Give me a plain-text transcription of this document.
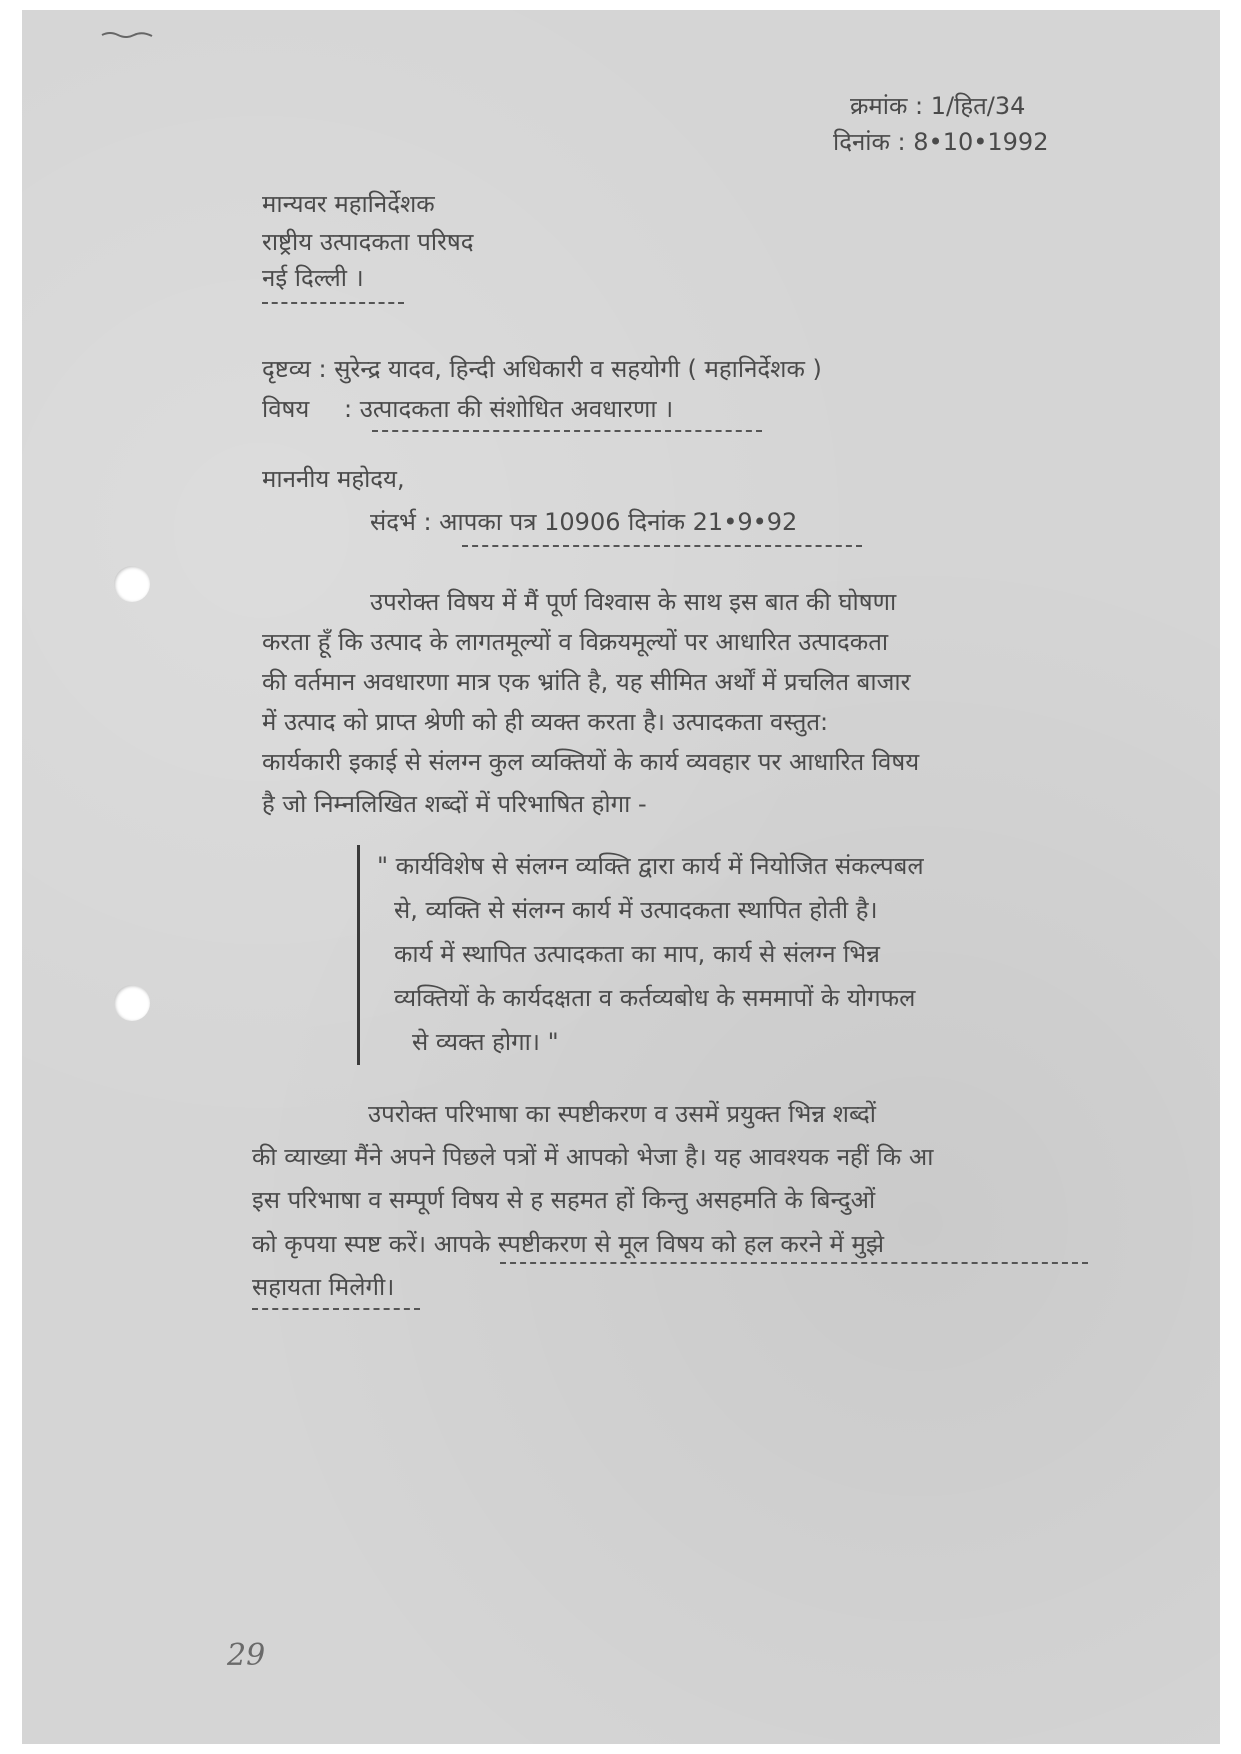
क्रमांक : 1/हित/34
दिनांक : 8•10•1992
मान्यवर महानिर्देशक
राष्ट्रीय उत्पादकता परिषद
नई दिल्ली ।
दृष्टव्य : सुरेन्द्र यादव, हिन्दी अधिकारी व सहयोगी ( महानिर्देशक )
विषय : उत्पादकता की संशोधित अवधारणा ।
माननीय महोदय,
संदर्भ : आपका पत्र 10906 दिनांक 21•9•92
उपरोक्त विषय में मैं पूर्ण विश्वास के साथ इस बात की घोषणा
करता हूँ कि उत्पाद के लागतमूल्यों व विक्रयमूल्यों पर आधारित उत्पादकता
की वर्तमान अवधारणा मात्र एक भ्रांति है, यह सीमित अर्थों में प्रचलित बाजार
में उत्पाद को प्राप्त श्रेणी को ही व्यक्त करता है। उत्पादकता वस्तुत:
कार्यकारी इकाई से संलग्न कुल व्यक्तियों के कार्य व्यवहार पर आधारित विषय
है जो निम्नलिखित शब्दों में परिभाषित होगा -
" कार्यविशेष से संलग्न व्यक्ति द्वारा कार्य में नियोजित संकल्पबल
से, व्यक्ति से संलग्न कार्य में उत्पादकता स्थापित होती है।
कार्य में स्थापित उत्पादकता का माप, कार्य से संलग्न भिन्न
व्यक्तियों के कार्यदक्षता व कर्तव्यबोध के सममापों के योगफल
से व्यक्त होगा। "
उपरोक्त परिभाषा का स्पष्टीकरण व उसमें प्रयुक्त भिन्न शब्दों
की व्याख्या मैंने अपने पिछले पत्रों में आपको भेजा है। यह आवश्यक नहीं कि आ
इस परिभाषा व सम्पूर्ण विषय से ह सहमत हों किन्तु असहमति के बिन्दुओं
को कृपया स्पष्ट करें। आपके स्पष्टीकरण से मूल विषय को हल करने में मुझे
सहायता मिलेगी।
29
